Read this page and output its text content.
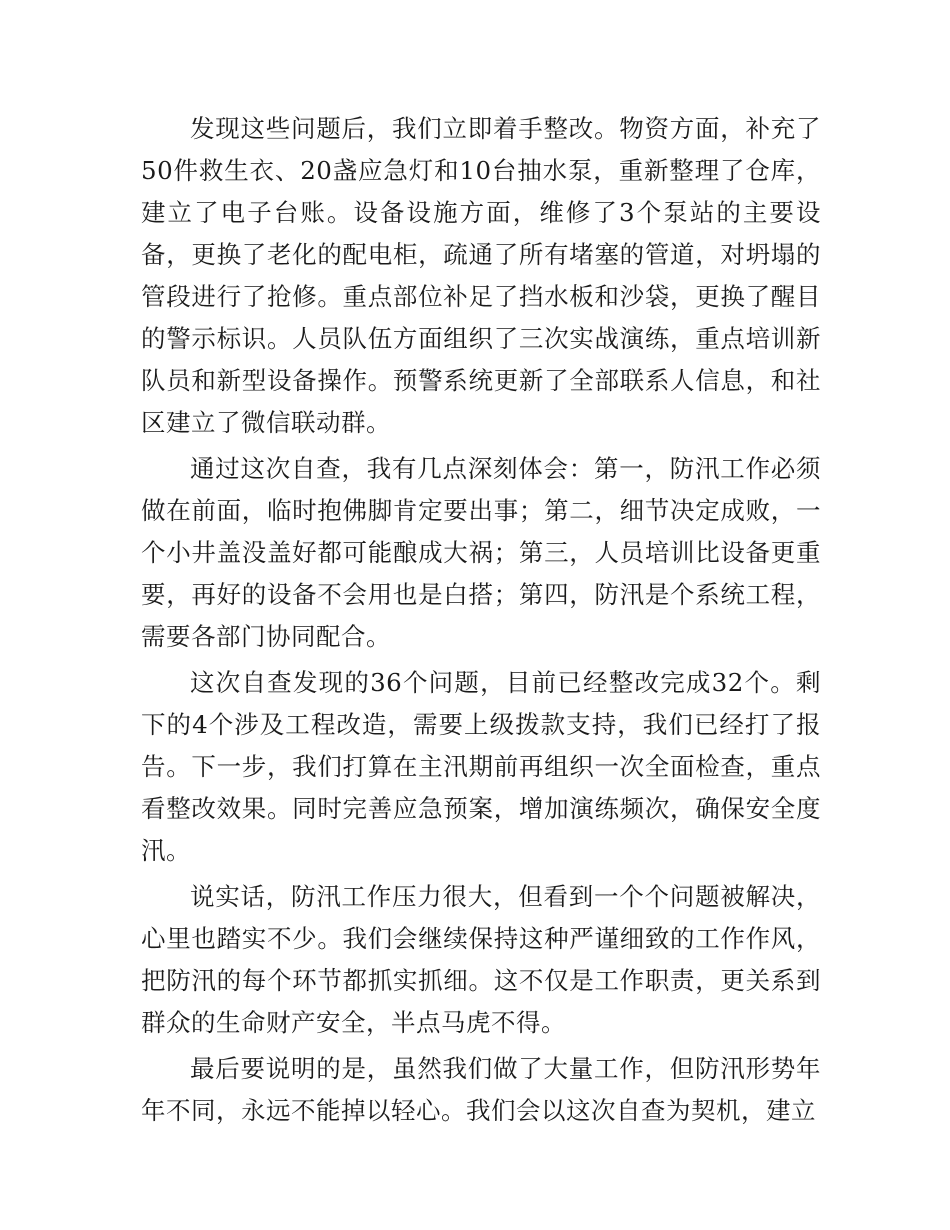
发现这些问题后，我们立即着手整改。物资方面，补充了50件救生衣、20盏应急灯和10台抽水泵，重新整理了仓库，建立了电子台账。设备设施方面，维修了3个泵站的主要设备，更换了老化的配电柜，疏通了所有堵塞的管道，对坍塌的管段进行了抢修。重点部位补足了挡水板和沙袋，更换了醒目的警示标识。人员队伍方面组织了三次实战演练，重点培训新队员和新型设备操作。预警系统更新了全部联系人信息，和社区建立了微信联动群。

通过这次自查，我有几点深刻体会：第一，防汛工作必须做在前面，临时抱佛脚肯定要出事；第二，细节决定成败，一个小井盖没盖好都可能酿成大祸；第三，人员培训比设备更重要，再好的设备不会用也是白搭；第四，防汛是个系统工程，需要各部门协同配合。

这次自查发现的36个问题，目前已经整改完成32个。剩下的4个涉及工程改造，需要上级拨款支持，我们已经打了报告。下一步，我们打算在主汛期前再组织一次全面检查，重点看整改效果。同时完善应急预案，增加演练频次，确保安全度汛。

说实话，防汛工作压力很大，但看到一个个问题被解决，心里也踏实不少。我们会继续保持这种严谨细致的工作作风，把防汛的每个环节都抓实抓细。这不仅是工作职责，更关系到群众的生命财产安全，半点马虎不得。

最后要说明的是，虽然我们做了大量工作，但防汛形势年年不同，永远不能掉以轻心。我们会以这次自查为契机，建立
